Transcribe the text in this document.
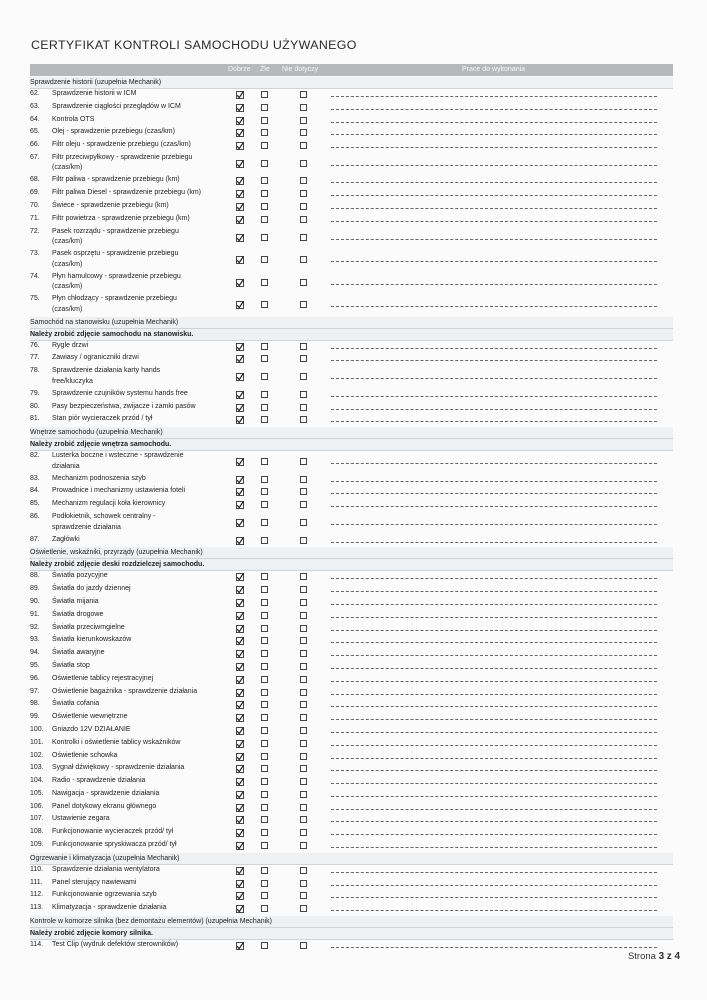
CERTYFIKAT KONTROLI SAMOCHODU UŻYWANEGO
Dobrze Źle Nie dotyczy	Prace do wykonania
Sprawdzenie historii (uzupełnia Mechanik)
62. Sprawdzenie historii w ICM
63. Sprawdzenie ciągłości przeglądów w ICM
64. Kontrola OTS
65. Olej - sprawdzenie przebiegu (czas/km)
66. Filtr oleju - sprawdzenie przebiegu (czas/km)
67. Filtr przeciwpyłkowy - sprawdzenie przebiegu
(czas/km)
68. Filtr paliwa - sprawdzenie przebiegu (km)
69. Filtr paliwa Diesel - sprawdzenie przebiegu (km)
70. Świece - sprawdzenie przebiegu (km)
71. Filtr powietrza - sprawdzenie przebiegu (km)
72. Pasek rozrządu - sprawdzenie przebiegu
(czas/km)
73. Pasek osprzętu - sprawdzenie przebiegu
(czas/km)
74. Płyn hamulcowy - sprawdzenie przebiegu
(czas/km)
75. Płyn chłodzący - sprawdzenie przebiegu
(czas/km)
Samochód na stanowisku (uzupełnia Mechanik)
Należy zrobić zdjęcie samochodu na stanowisku.
76. Rygle drzwi
77. Zawiasy / ograniczniki drzwi
78. Sprawdzenie działania karty hands
free/kluczyka
79. Sprawdzenie czujników systemu hands free
80. Pasy bezpieczeństwa, zwijacze i zamki pasów
81. Stan piór wycieraczek przód / tył
Wnętrze samochodu (uzupełnia Mechanik)
Należy zrobić zdjęcie wnętrza samochodu.
82. Lusterka boczne i wsteczne - sprawdzenie
działania
83. Mechanizm podnoszenia szyb
84. Prowadnice i mechanizmy ustawienia foteli
85. Mechanizm regulacji koła kierownicy
86. Podłokietnik, schowek centralny -
sprawdzenie działania
87. Zagłówki
Oświetlenie, wskaźniki, przyrządy (uzupełnia Mechanik)
Należy zrobić zdjęcie deski rozdzielczej samochodu.
88. Światła pozycyjne
89. Światła do jazdy dziennej
90. Światła mijania
91. Światła drogowe
92. Światła przeciwmgielne
93. Światła kierunkowskazów
94. Światła awaryjne
95. Światła stop
96. Oświetlenie tablicy rejestracyjnej
97. Oświetlenie bagażnika - sprawdzenie działania
98. Światła cofania
99. Oświetlenie wewnętrzne
100. Gniazdo 12V DZIAŁANIE
101. Kontrolki i oświetlenie tablicy wskaźników
102. Oświetlenie schowka
103. Sygnał dźwiękowy - sprawdzenie działania
104. Radio - sprawdzenie działania
105. Nawigacja - sprawdzenie działania
106. Panel dotykowy ekranu głównego
107. Ustawienie zegara
108. Funkcjonowanie wycieraczek przód/ tył
109. Funkcjonowanie spryskiwacza przód/ tył
Ogrzewanie i klimatyzacja (uzupełnia Mechanik)
110. Sprawdzenie działania wentylatora
111. Panel sterujący nawiewami
112. Funkcjonowanie ogrzewania szyb
113. Klimatyzacja - sprawdzenie działania
Kontrole w komorze silnika (bez demontażu elementów) (uzupełnia Mechanik)
Należy zrobić zdjęcie komory silnika.
114. Test Clip (wydruk defektów sterowników)
Strona 3 z 4
